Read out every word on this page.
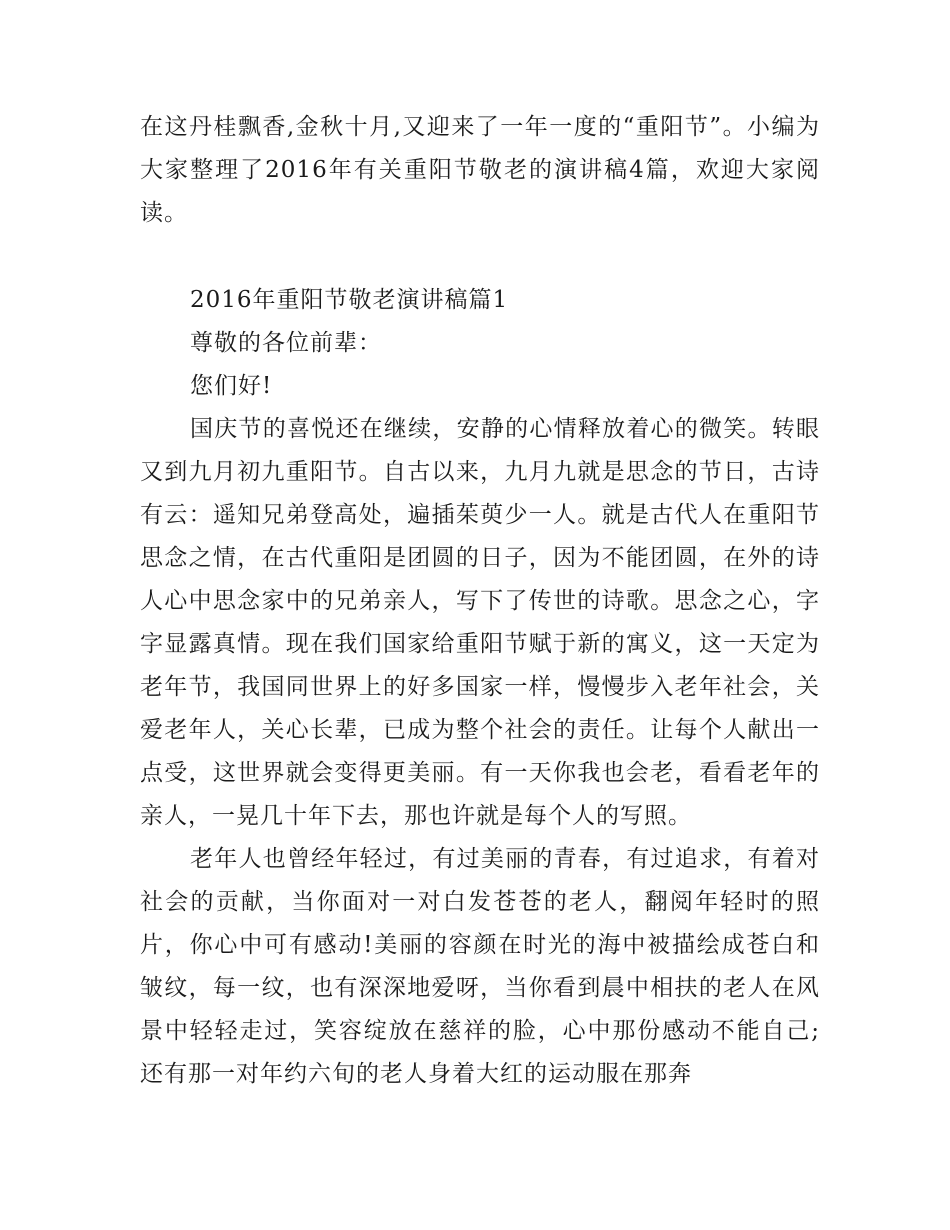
在这丹桂飘香,金秋十月,又迎来了一年一度的“重阳节”。小编为大家整理了2016年有关重阳节敬老的演讲稿4篇，欢迎大家阅读。

2016年重阳节敬老演讲稿篇1

尊敬的各位前辈：

您们好!

国庆节的喜悦还在继续，安静的心情释放着心的微笑。转眼又到九月初九重阳节。自古以来，九月九就是思念的节日，古诗有云：遥知兄弟登高处，遍插茱萸少一人。就是古代人在重阳节思念之情，在古代重阳是团圆的日子，因为不能团圆，在外的诗人心中思念家中的兄弟亲人，写下了传世的诗歌。思念之心，字字显露真情。现在我们国家给重阳节赋于新的寓义，这一天定为老年节，我国同世界上的好多国家一样，慢慢步入老年社会，关爱老年人，关心长辈，已成为整个社会的责任。让每个人献出一点受，这世界就会变得更美丽。有一天你我也会老，看看老年的亲人，一晃几十年下去，那也许就是每个人的写照。

老年人也曾经年轻过，有过美丽的青春，有过追求，有着对社会的贡献，当你面对一对白发苍苍的老人，翻阅年轻时的照片，你心中可有感动!美丽的容颜在时光的海中被描绘成苍白和皱纹，每一纹，也有深深地爱呀，当你看到晨中相扶的老人在风景中轻轻走过，笑容绽放在慈祥的脸，心中那份感动不能自己;还有那一对年约六旬的老人身着大红的运动服在那奔
